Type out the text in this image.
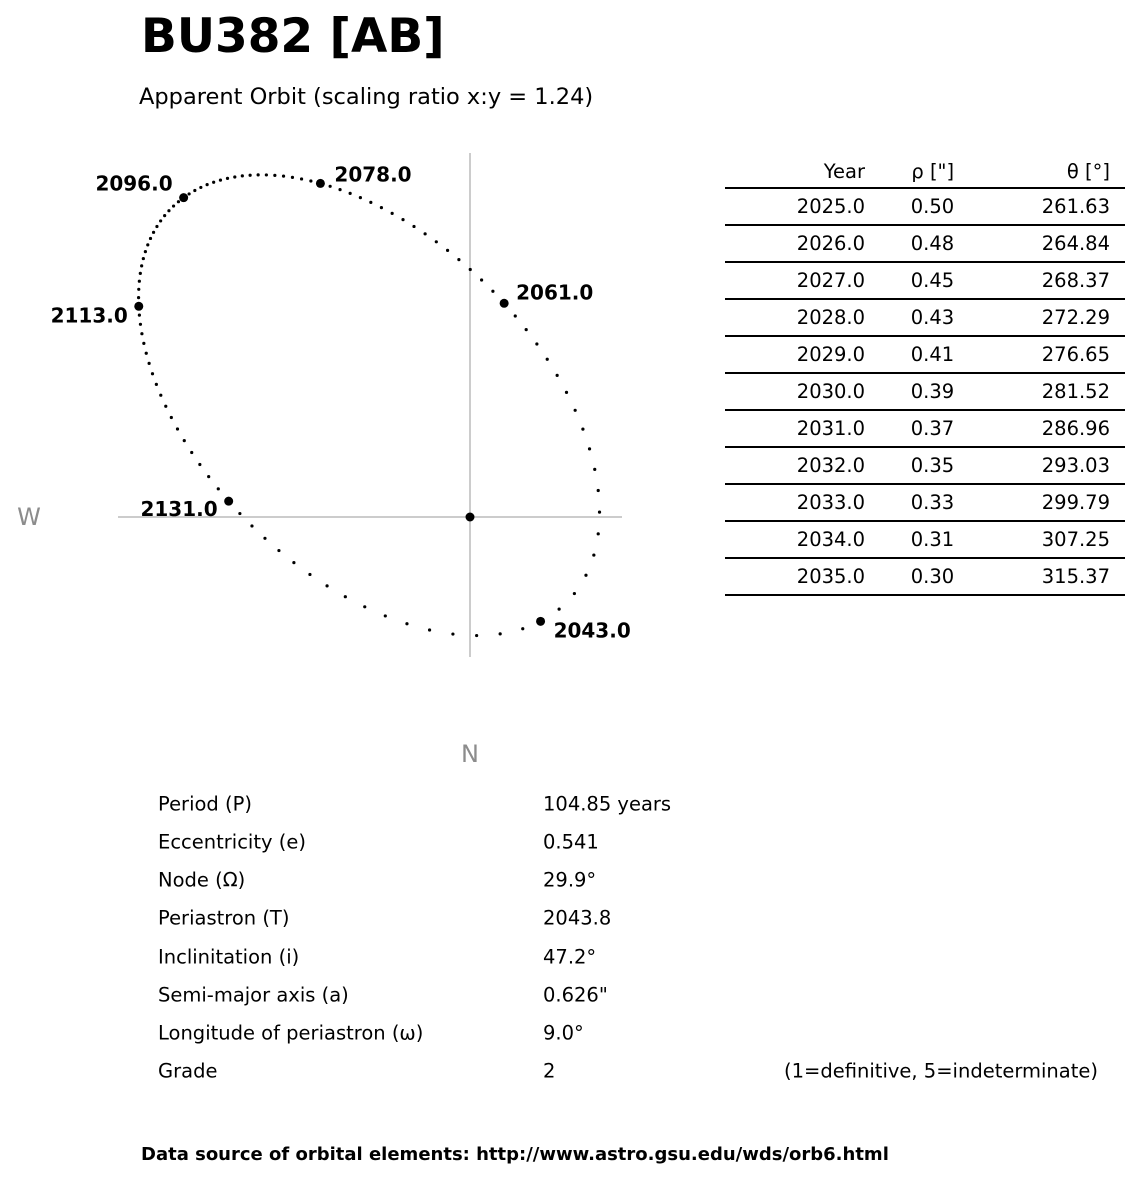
BU382 [AB]
Apparent Orbit (scaling ratio x:y = 1.24)
2043.0
2061.0
2078.0
2096.0
2113.0
2131.0
W
N
Year	ρ ["]	θ [°]
2025.0	0.50	261.63
2026.0	0.48	264.84
2027.0	0.45	268.37
2028.0	0.43	272.29
2029.0	0.41	276.65
2030.0	0.39	281.52
2031.0	0.37	286.96
2032.0	0.35	293.03
2033.0	0.33	299.79
2034.0	0.31	307.25
2035.0	0.30	315.37
Period (P)	104.85 years
Eccentricity (e)	0.541
Node (Ω)	29.9°
Periastron (T)	2043.8
Inclinitation (i)	47.2°
Semi-major axis (a)	0.626"
Longitude of periastron (ω)	9.0°
Grade	2	(1=definitive, 5=indeterminate)
Data source of orbital elements: http://www.astro.gsu.edu/wds/orb6.html
